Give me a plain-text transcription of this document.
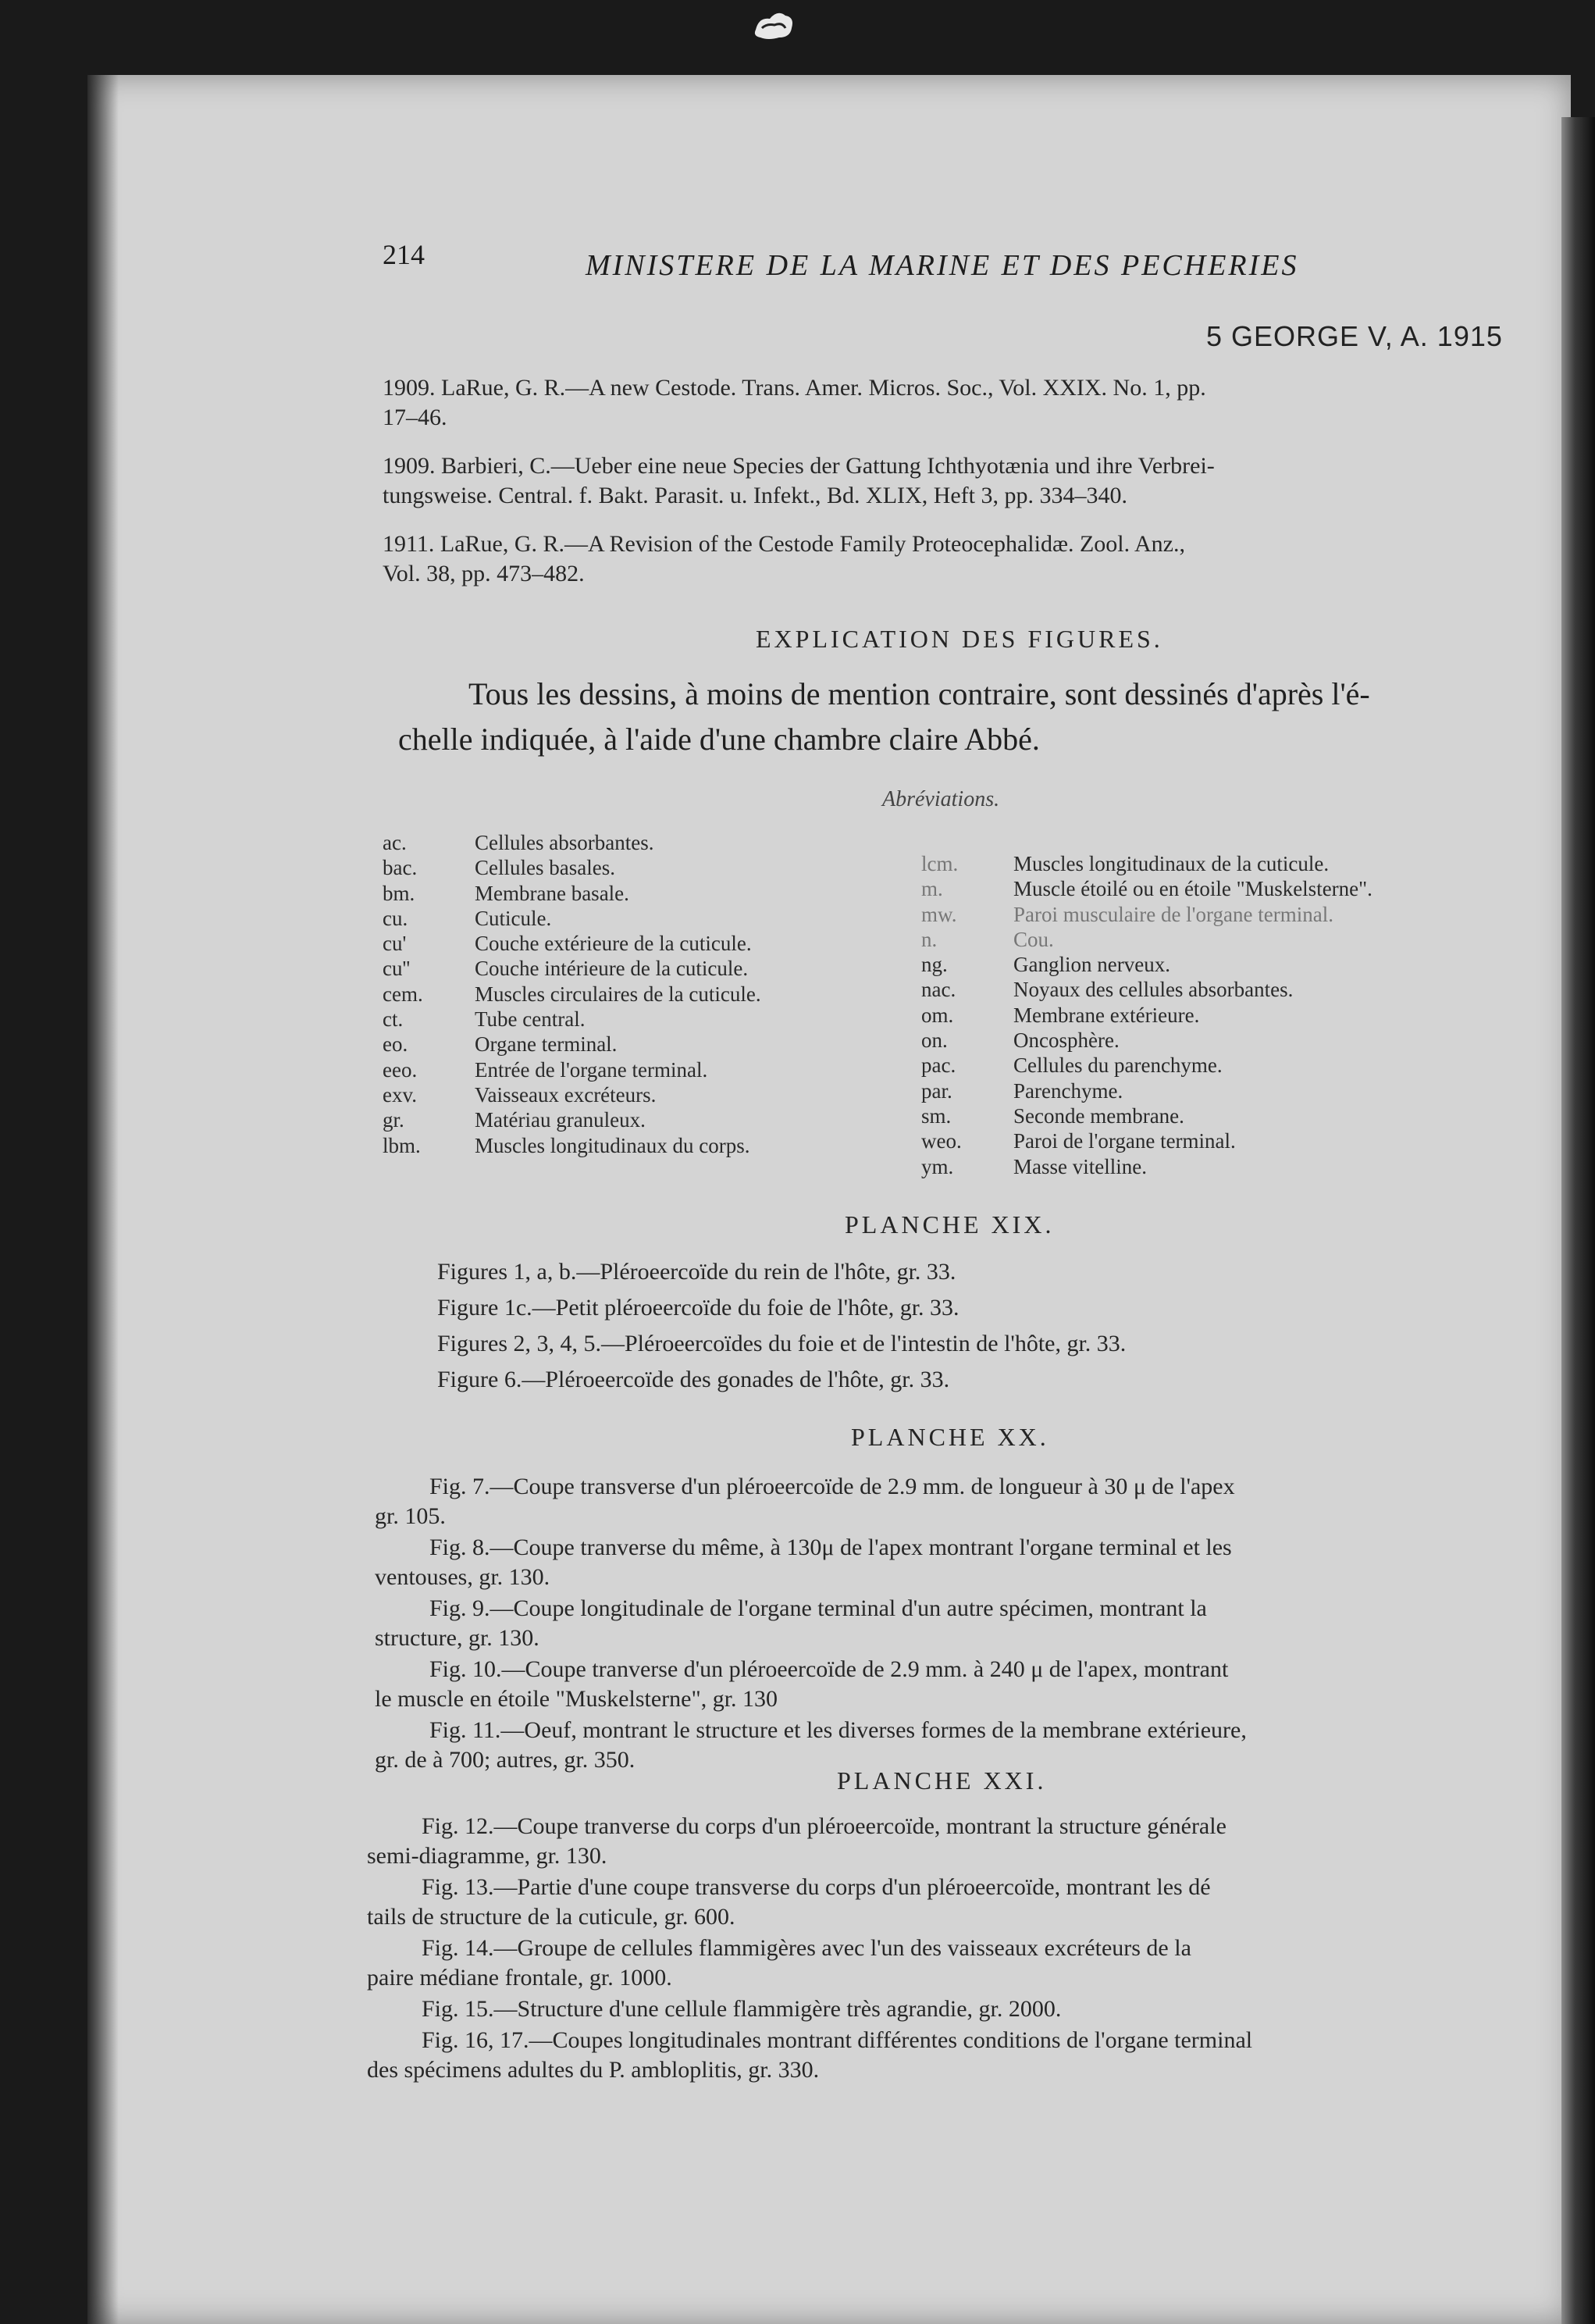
214	MINISTERE DE LA MARINE ET DES PECHERIES
5 GEORGE V, A. 1915
1909. LaRue, G. R.—A new Cestode. Trans. Amer. Micros. Soc., Vol. XXIX. No. 1, pp.
17–46.
1909. Barbieri, C.—Ueber eine neue Species der Gattung Ichthyotænia und ihre Verbrei-
tungsweise. Central. f. Bakt. Parasit. u. Infekt., Bd. XLIX, Heft 3, pp. 334–340.
1911. LaRue, G. R.—A Revision of the Cestode Family Proteocephalidæ. Zool. Anz.,
Vol. 38, pp. 473–482.
EXPLICATION DES FIGURES.
Tous les dessins, à moins de mention contraire, sont dessinés d'après l'é-
chelle indiquée, à l'aide d'une chambre claire Abbé.
Abréviations.
ac.	Cellules absorbantes.
bac.	Cellules basales.
bm.	Membrane basale.
cu.	Cuticule.
cu'	Couche extérieure de la cuticule.
cu''	Couche intérieure de la cuticule.
cem.	Muscles circulaires de la cuticule.
ct.	Tube central.
eo.	Organe terminal.
eeo.	Entrée de l'organe terminal.
exv.	Vaisseaux excréteurs.
gr.	Matériau granuleux.
lbm.	Muscles longitudinaux du corps.
lcm.	Muscles longitudinaux de la cuticule.
m.	Muscle étoilé ou en étoile "Muskelsterne".
mw.	Paroi musculaire de l'organe terminal.
n.	Cou.
ng.	Ganglion nerveux.
nac.	Noyaux des cellules absorbantes.
om.	Membrane extérieure.
on.	Oncosphère.
pac.	Cellules du parenchyme.
par.	Parenchyme.
sm.	Seconde membrane.
weo.	Paroi de l'organe terminal.
ym.	Masse vitelline.
PLANCHE XIX.
Figures 1, a, b.—Pléroeercoïde du rein de l'hôte, gr. 33.
Figure 1c.—Petit pléroeercoïde du foie de l'hôte, gr. 33.
Figures 2, 3, 4, 5.—Pléroeercoïdes du foie et de l'intestin de l'hôte, gr. 33.
Figure 6.—Pléroeercoïde des gonades de l'hôte, gr. 33.
PLANCHE XX.
Fig. 7.—Coupe transverse d'un pléroeercoïde de 2.9 mm. de longueur à 30 μ de l'apex
gr. 105.
Fig. 8.—Coupe tranverse du même, à 130μ de l'apex montrant l'organe terminal et les
ventouses, gr. 130.
Fig. 9.—Coupe longitudinale de l'organe terminal d'un autre spécimen, montrant la
structure, gr. 130.
Fig. 10.—Coupe tranverse d'un pléroeercoïde de 2.9 mm. à 240 μ de l'apex, montrant
le muscle en étoile "Muskelsterne", gr. 130
Fig. 11.—Oeuf, montrant le structure et les diverses formes de la membrane extérieure,
gr. de à 700; autres, gr. 350.
PLANCHE XXI.
Fig. 12.—Coupe tranverse du corps d'un pléroeercoïde, montrant la structure générale
semi-diagramme, gr. 130.
Fig. 13.—Partie d'une coupe transverse du corps d'un pléroeercoïde, montrant les dé
tails de structure de la cuticule, gr. 600.
Fig. 14.—Groupe de cellules flammigères avec l'un des vaisseaux excréteurs de la
paire médiane frontale, gr. 1000.
Fig. 15.—Structure d'une cellule flammigère très agrandie, gr. 2000.
Fig. 16, 17.—Coupes longitudinales montrant différentes conditions de l'organe terminal
des spécimens adultes du P. ambloplitis, gr. 330.
